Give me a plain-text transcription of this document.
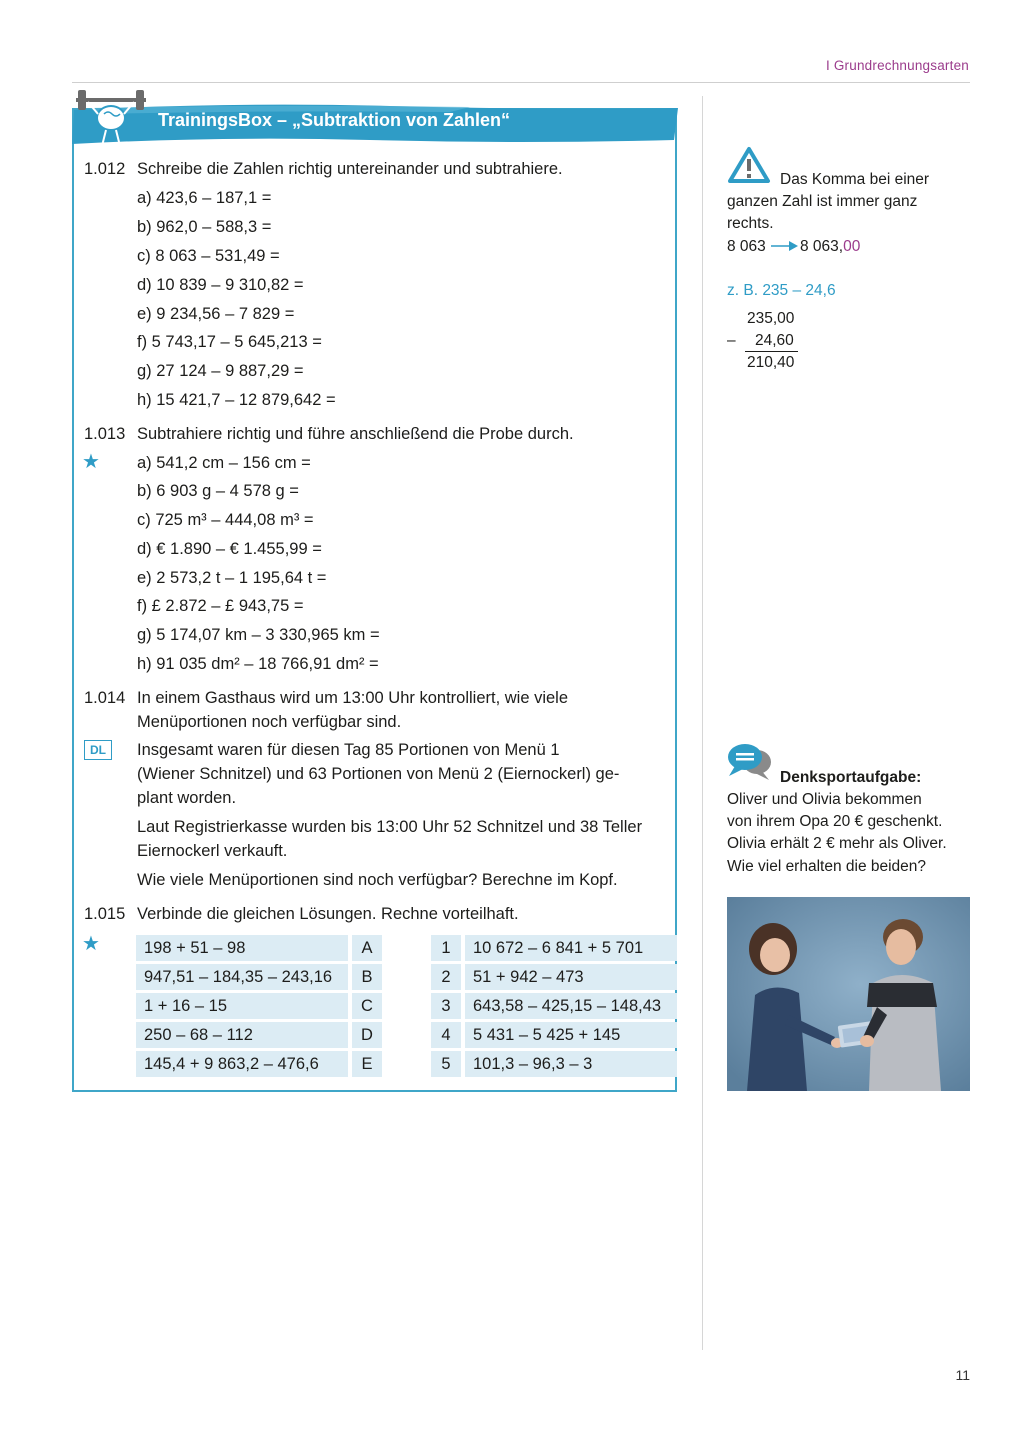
I Grundrechnungsarten
11
TrainingsBox – „Subtraktion von Zahlen“
1.012 Schreibe die Zahlen richtig untereinander und subtrahiere.
a) 423,6 – 187,1 =
b) 962,0 – 588,3 =
c) 8 063 – 531,49 =
d) 10 839 – 9 310,82 =
e) 9 234,56 – 7 829 =
f) 5 743,17 – 5 645,213 =
g) 27 124 – 9 887,29 =
h) 15 421,7 – 12 879,642 =
1.013 Subtrahiere richtig und führe anschließend die Probe durch.
★ a) 541,2 cm – 156 cm =
b) 6 903 g – 4 578 g =
c) 725 m³ – 444,08 m³ =
d) € 1.890 – € 1.455,99 =
e) 2 573,2 t – 1 195,64 t =
f) £ 2.872 – £ 943,75 =
g) 5 174,07 km – 3 330,965 km =
h) 91 035 dm² – 18 766,91 dm² =
1.014 In einem Gasthaus wird um 13:00 Uhr kontrolliert, wie viele
Menüportionen noch verfügbar sind.
DL	Insgesamt waren für diesen Tag 85 Portionen von Menü 1
(Wiener Schnitzel) und 63 Portionen von Menü 2 (Eiernockerl) ge-
plant worden.
Laut Registrierkasse wurden bis 13:00 Uhr 52 Schnitzel und 38 Teller
Eiernockerl verkauft.
Wie viele Menüportionen sind noch verfügbar? Berechne im Kopf.
1.015 Verbinde die gleichen Lösungen. Rechne vorteilhaft.
★	198 + 51 – 98		A
947,51 – 184,35 – 243,16		B
1 + 16 – 15		C
250 – 68 – 112		D
145,4 + 9 863,2 – 476,6		E
1		10 672 – 6 841 + 5 701
2		51 + 942 – 473
3		643,58 – 425,15 – 148,43
4		5 431 – 5 425 + 145
5		101,3 – 96,3 – 3
Das Komma bei einer
ganzen Zahl ist immer ganz
rechts.
8 063 8 063,00
z. B. 235 – 24,6
235,00
– 24,60
210,40
Denksportaufgabe:
Oliver und Olivia bekommen
von ihrem Opa 20 € geschenkt.
Olivia erhält 2 € mehr als Oliver.
Wie viel erhalten die beiden?
